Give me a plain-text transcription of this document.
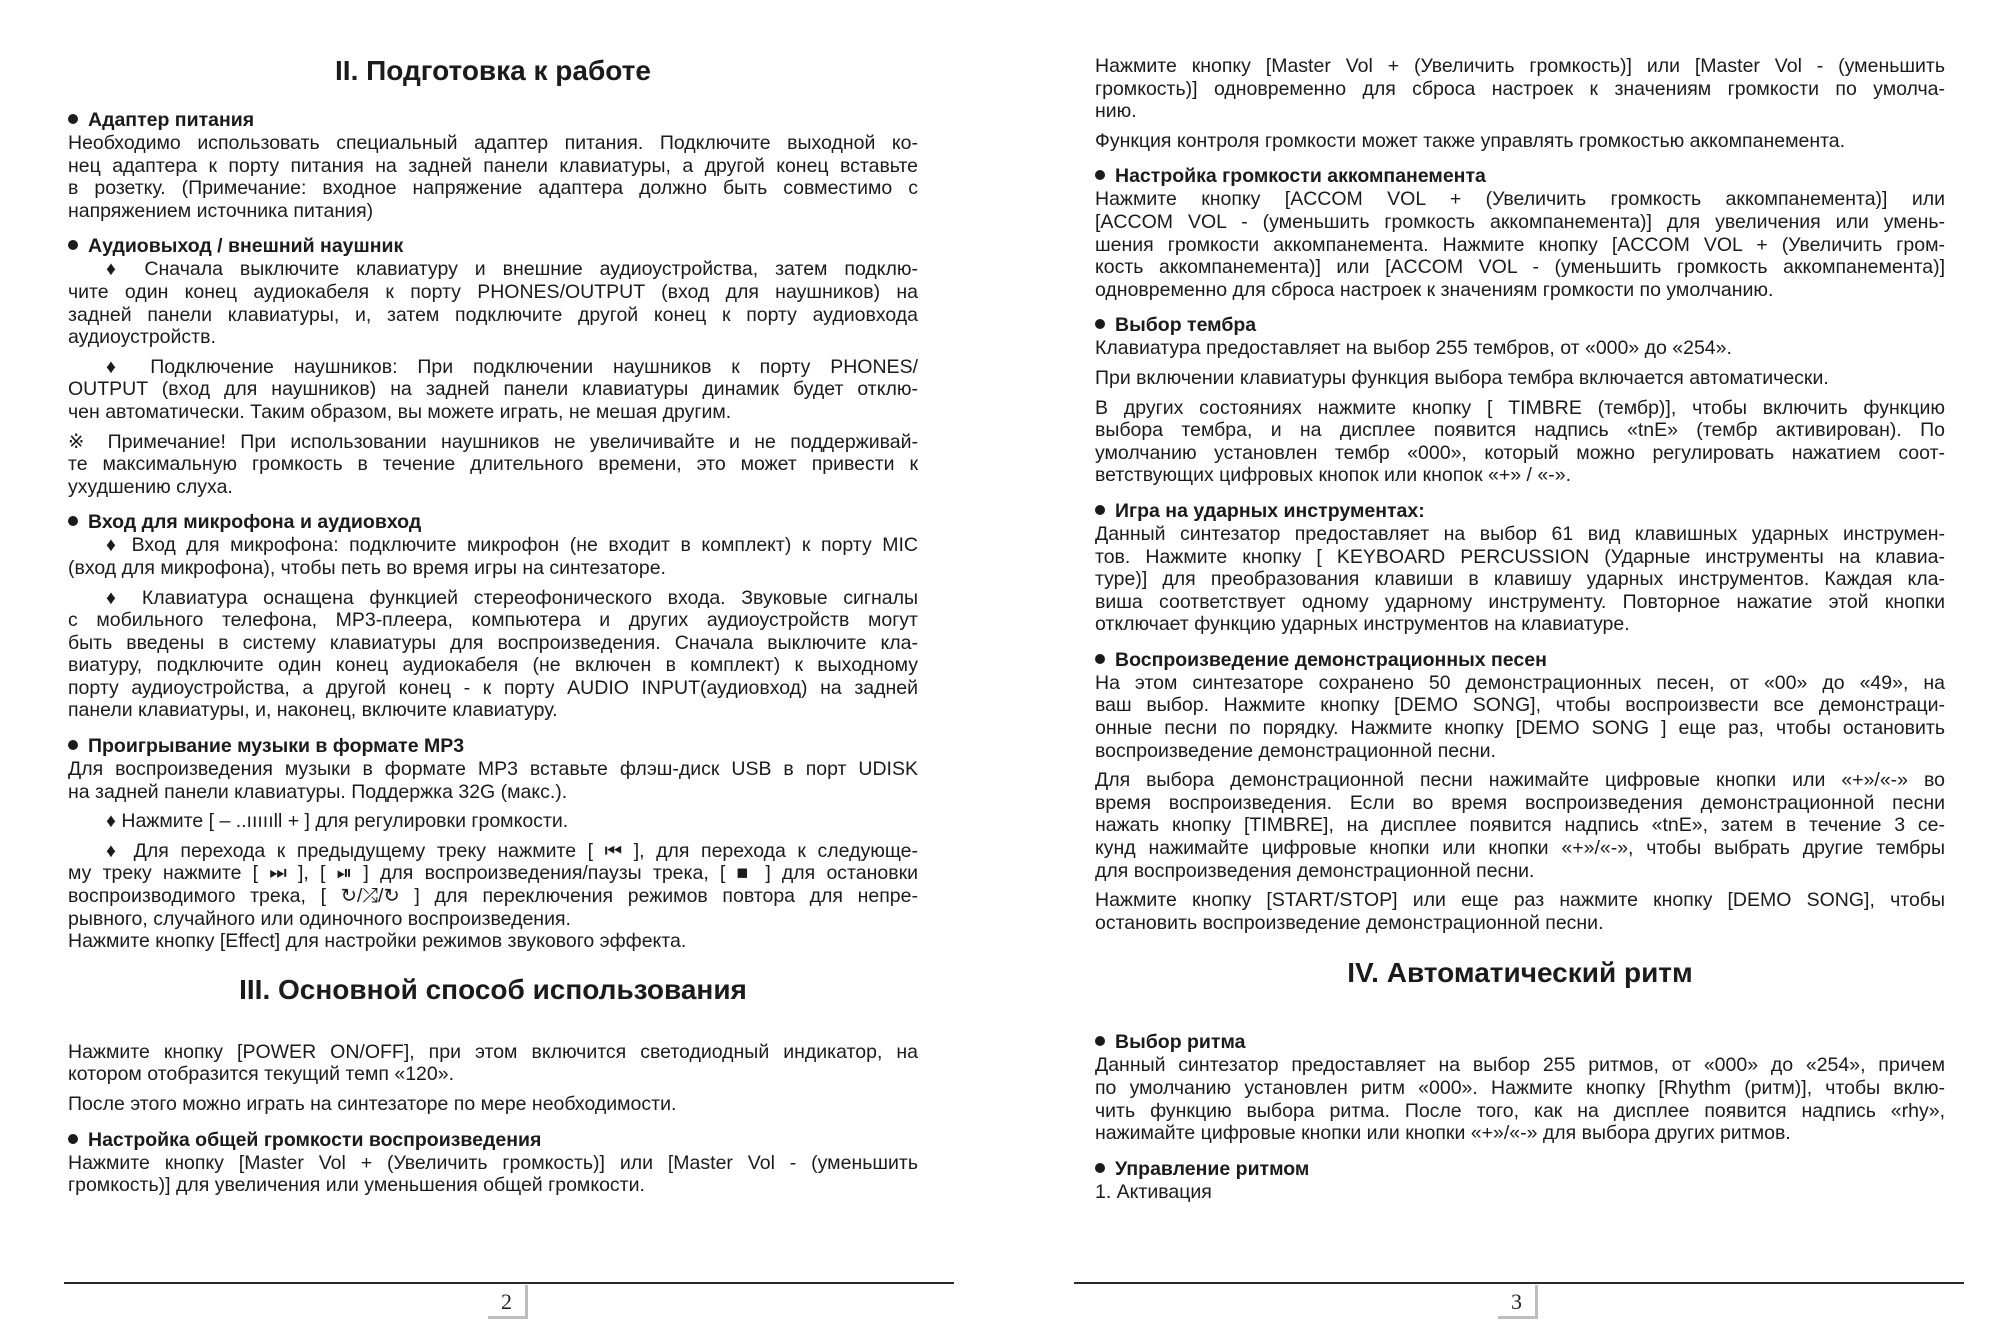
II. Подготовка к работе
Адаптер питания
Необходимо использовать специальный адаптер питания. Подключите выходной ко-
нец адаптера к порту питания на задней панели клавиатуры, а другой конец вставьте
в розетку. (Примечание: входное напряжение адаптера должно быть совместимо с
напряжением источника питания)
Аудиовыход / внешний наушник
♦ Сначала выключите клавиатуру и внешние аудиоустройства, затем подклю-
чите один конец аудиокабеля к порту PHONES/OUTPUT (вход для наушников) на
задней панели клавиатуры, и, затем подключите другой конец к порту аудиовхода
аудиоустройств.
♦ Подключение наушников: При подключении наушников к порту PHONES/
OUTPUT (вход для наушников) на задней панели клавиатуры динамик будет отклю-
чен автоматически. Таким образом, вы можете играть, не мешая другим.
※ Примечание! При использовании наушников не увеличивайте и не поддерживай-
те максимальную громкость в течение длительного времени, это может привести к
ухудшению слуха.
Вход для микрофона и аудиовход
♦ Вход для микрофона: подключите микрофон (не входит в комплект) к порту MIC
(вход для микрофона), чтобы петь во время игры на синтезаторе.
♦ Клавиатура оснащена функцией стереофонического входа. Звуковые сигналы
с мобильного телефона, MP3-плеера, компьютера и других аудиоустройств могут
быть введены в систему клавиатуры для воспроизведения. Сначала выключите кла-
виатуру, подключите один конец аудиокабеля (не включен в комплект) к выходному
порту аудиоустройства, а другой конец - к порту AUDIO INPUT(аудиовход) на задней
панели клавиатуры, и, наконец, включите клавиатуру.
Проигрывание музыки в формате MP3
Для воспроизведения музыки в формате MP3 вставьте флэш-диск USB в порт UDISK
на задней панели клавиатуры. Поддержка 32G (макс.).
♦ Нажмите [ – ..ıııııll + ] для регулировки громкости.
♦ Для перехода к предыдущему треку нажмите [ ⏮ ], для перехода к следующе-
му треку нажмите [ ⏭ ], [ ⏯ ] для воспроизведения/паузы трека, [ ■ ] для остановки
воспроизводимого трека, [ ↻/⤮/↻ ] для переключения режимов повтора для непре-
рывного, случайного или одиночного воспроизведения.
Нажмите кнопку [Effect] для настройки режимов звукового эффекта.
III. Основной способ использования
Нажмите кнопку [POWER ON/OFF], при этом включится светодиодный индикатор, на
котором отобразится текущий темп «120».
После этого можно играть на синтезаторе по мере необходимости.
Настройка общей громкости воспроизведения
Нажмите кнопку [Master Vol + (Увеличить громкость)] или [Master Vol - (уменьшить
громкость)] для увеличения или уменьшения общей громкости.
2
Нажмите кнопку [Master Vol + (Увеличить громкость)] или [Master Vol - (уменьшить
громкость)] одновременно для сброса настроек к значениям громкости по умолча-
нию.
Функция контроля громкости может также управлять громкостью аккомпанемента.
Настройка громкости аккомпанемента
Нажмите кнопку [ACCOM VOL + (Увеличить громкость аккомпанемента)] или
[ACCOM VOL - (уменьшить громкость аккомпанемента)] для увеличения или умень-
шения громкости аккомпанемента. Нажмите кнопку [ACCOM VOL + (Увеличить гром-
кость аккомпанемента)] или [ACCOM VOL - (уменьшить громкость аккомпанемента)]
одновременно для сброса настроек к значениям громкости по умолчанию.
Выбор тембра
Клавиатура предоставляет на выбор 255 тембров, от «000» до «254».
При включении клавиатуры функция выбора тембра включается автоматически.
В других состояниях нажмите кнопку [ TIMBRE (тембр)], чтобы включить функцию
выбора тембра, и на дисплее появится надпись «tnE» (тембр активирован). По
умолчанию установлен тембр «000», который можно регулировать нажатием соот-
ветствующих цифровых кнопок или кнопок «+» / «-».
Игра на ударных инструментах:
Данный синтезатор предоставляет на выбор 61 вид клавишных ударных инструмен-
тов. Нажмите кнопку [ KEYBOARD PERCUSSION (Ударные инструменты на клавиа-
туре)] для преобразования клавиши в клавишу ударных инструментов. Каждая кла-
виша соответствует одному ударному инструменту. Повторное нажатие этой кнопки
отключает функцию ударных инструментов на клавиатуре.
Воспроизведение демонстрационных песен
На этом синтезаторе сохранено 50 демонстрационных песен, от «00» до «49», на
ваш выбор. Нажмите кнопку [DEMO SONG], чтобы воспроизвести все демонстраци-
онные песни по порядку. Нажмите кнопку [DEMO SONG ] еще раз, чтобы остановить
воспроизведение демонстрационной песни.
Для выбора демонстрационной песни нажимайте цифровые кнопки или «+»/«-» во
время воспроизведения. Если во время воспроизведения демонстрационной песни
нажать кнопку [TIMBRE], на дисплее появится надпись «tnE», затем в течение 3 се-
кунд нажимайте цифровые кнопки или кнопки «+»/«-», чтобы выбрать другие тембры
для воспроизведения демонстрационной песни.
Нажмите кнопку [START/STOP] или еще раз нажмите кнопку [DEMO SONG], чтобы
остановить воспроизведение демонстрационной песни.
IV. Автоматический ритм
Выбор ритма
Данный синтезатор предоставляет на выбор 255 ритмов, от «000» до «254», причем
по умолчанию установлен ритм «000». Нажмите кнопку [Rhythm (ритм)], чтобы вклю-
чить функцию выбора ритма. После того, как на дисплее появится надпись «rhy»,
нажимайте цифровые кнопки или кнопки «+»/«-» для выбора других ритмов.
Управление ритмом
1. Активация
3
